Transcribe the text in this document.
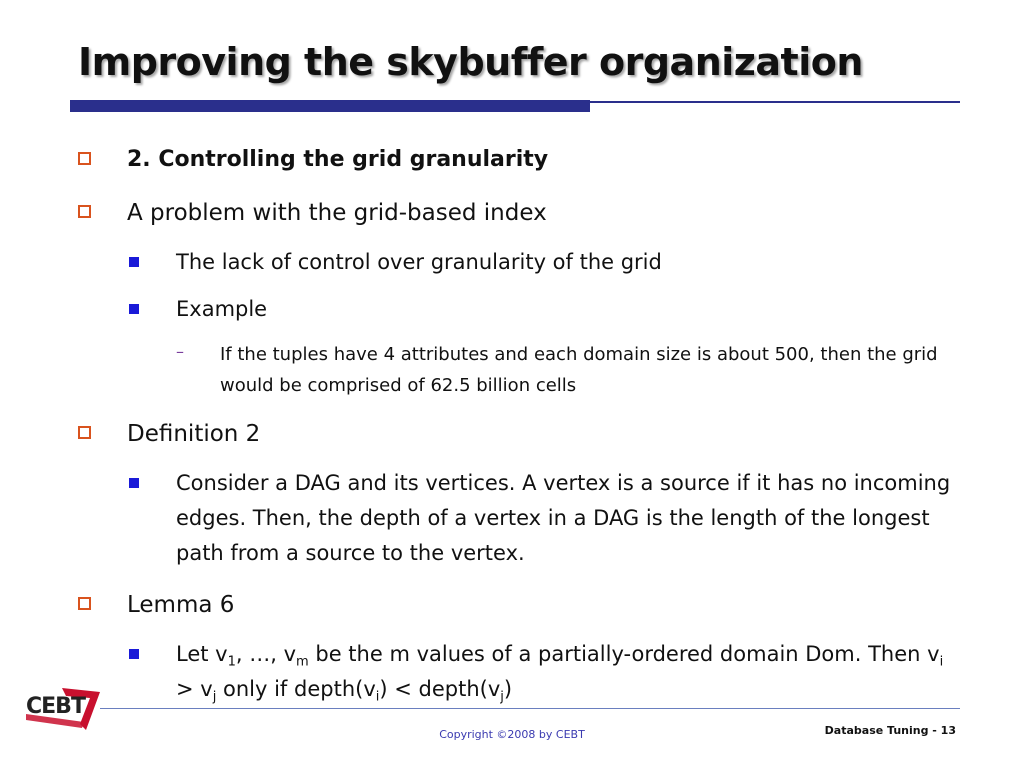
Improving the skybuffer organization
2. Controlling the grid granularity
A problem with the grid-based index
The lack of control over granularity of the grid
Example
– If the tuples have 4 attributes and each domain size is about 500, then the grid would be comprised of 62.5 billion cells
Definition 2
Consider a DAG and its vertices. A vertex is a source if it has no incoming edges. Then, the depth of a vertex in a DAG is the length of the longest path from a source to the vertex.
Lemma 6
Let $v_1$, …, $v_m$ be the m values of a partially-ordered domain Dom. Then $v_i > v_j$ only if $depth(v_i)$ < $depth(v_j)$
CEBT
Copyright ©2008 by CEBT	Database Tuning - 13
